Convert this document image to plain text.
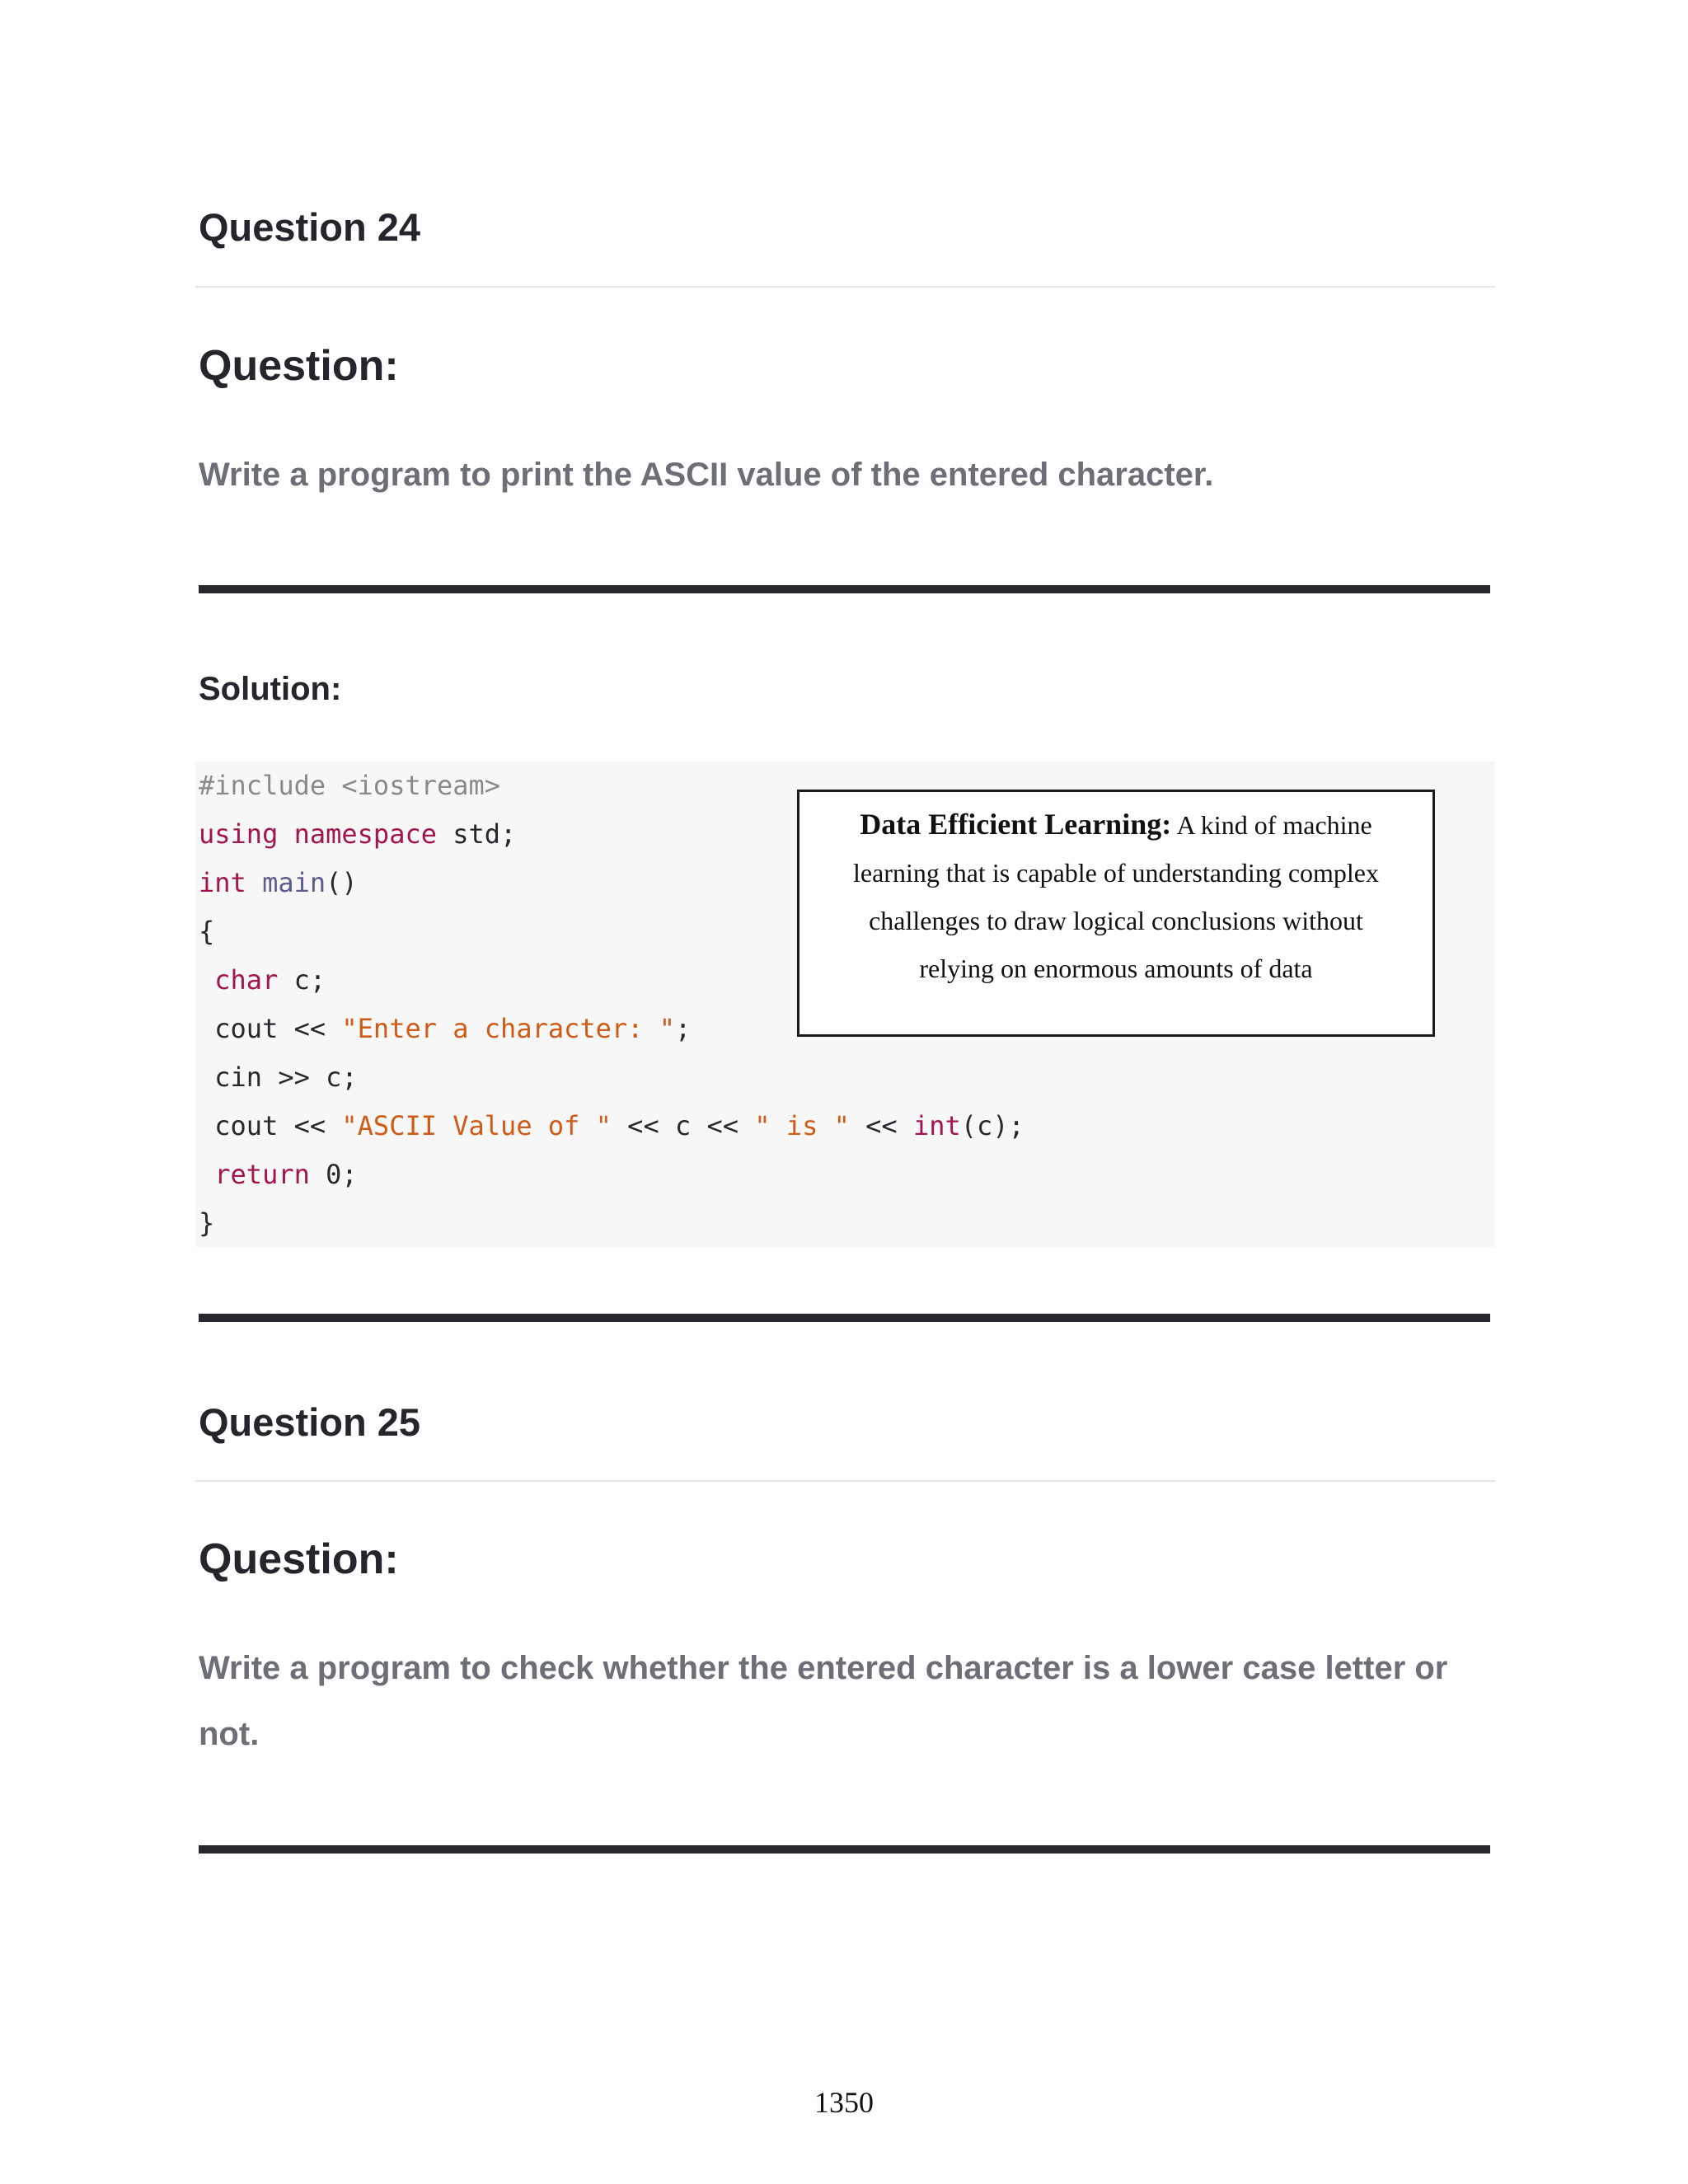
Question 24
Question:
Write a program to print the ASCII value of the entered character.
Solution:
#include <iostream>
using namespace std;
int main()
{
char c;
cout << "Enter a character: ";
cin >> c;
cout << "ASCII Value of " << c << " is " << int(c);
return 0;
}
Data Efficient Learning: A kind of machine
learning that is capable of understanding complex
challenges to draw logical conclusions without
relying on enormous amounts of data
Question 25
Question:
Write a program to check whether the entered character is a lower case letter or not.
1350
